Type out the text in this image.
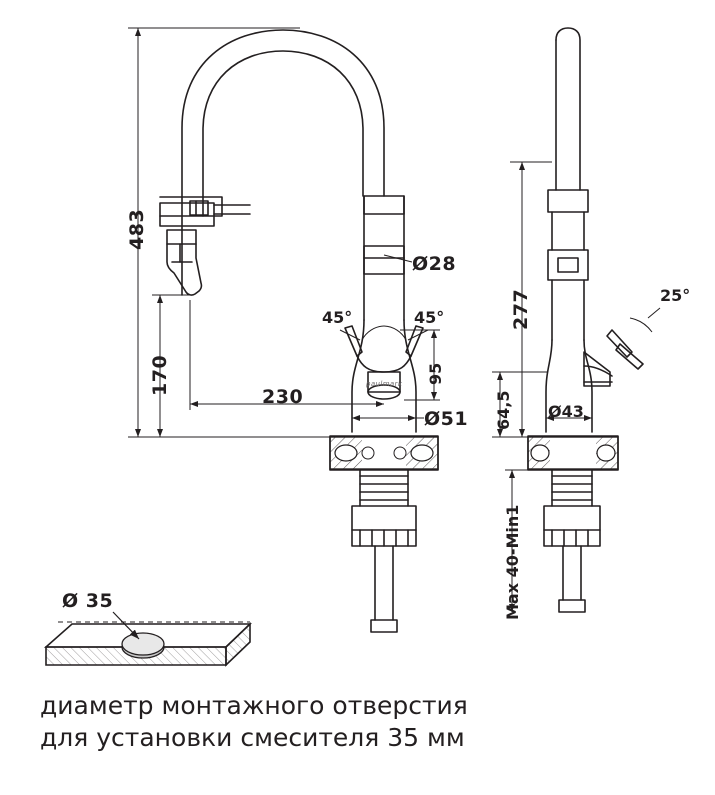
483
170
230
95
Ø28
Ø51
45°	45°
paulmark
277
64,5 Ø43
Max 40-Min1
25°
Ø 35
диаметр монтажного отверстия
для установки смесителя 35 мм
